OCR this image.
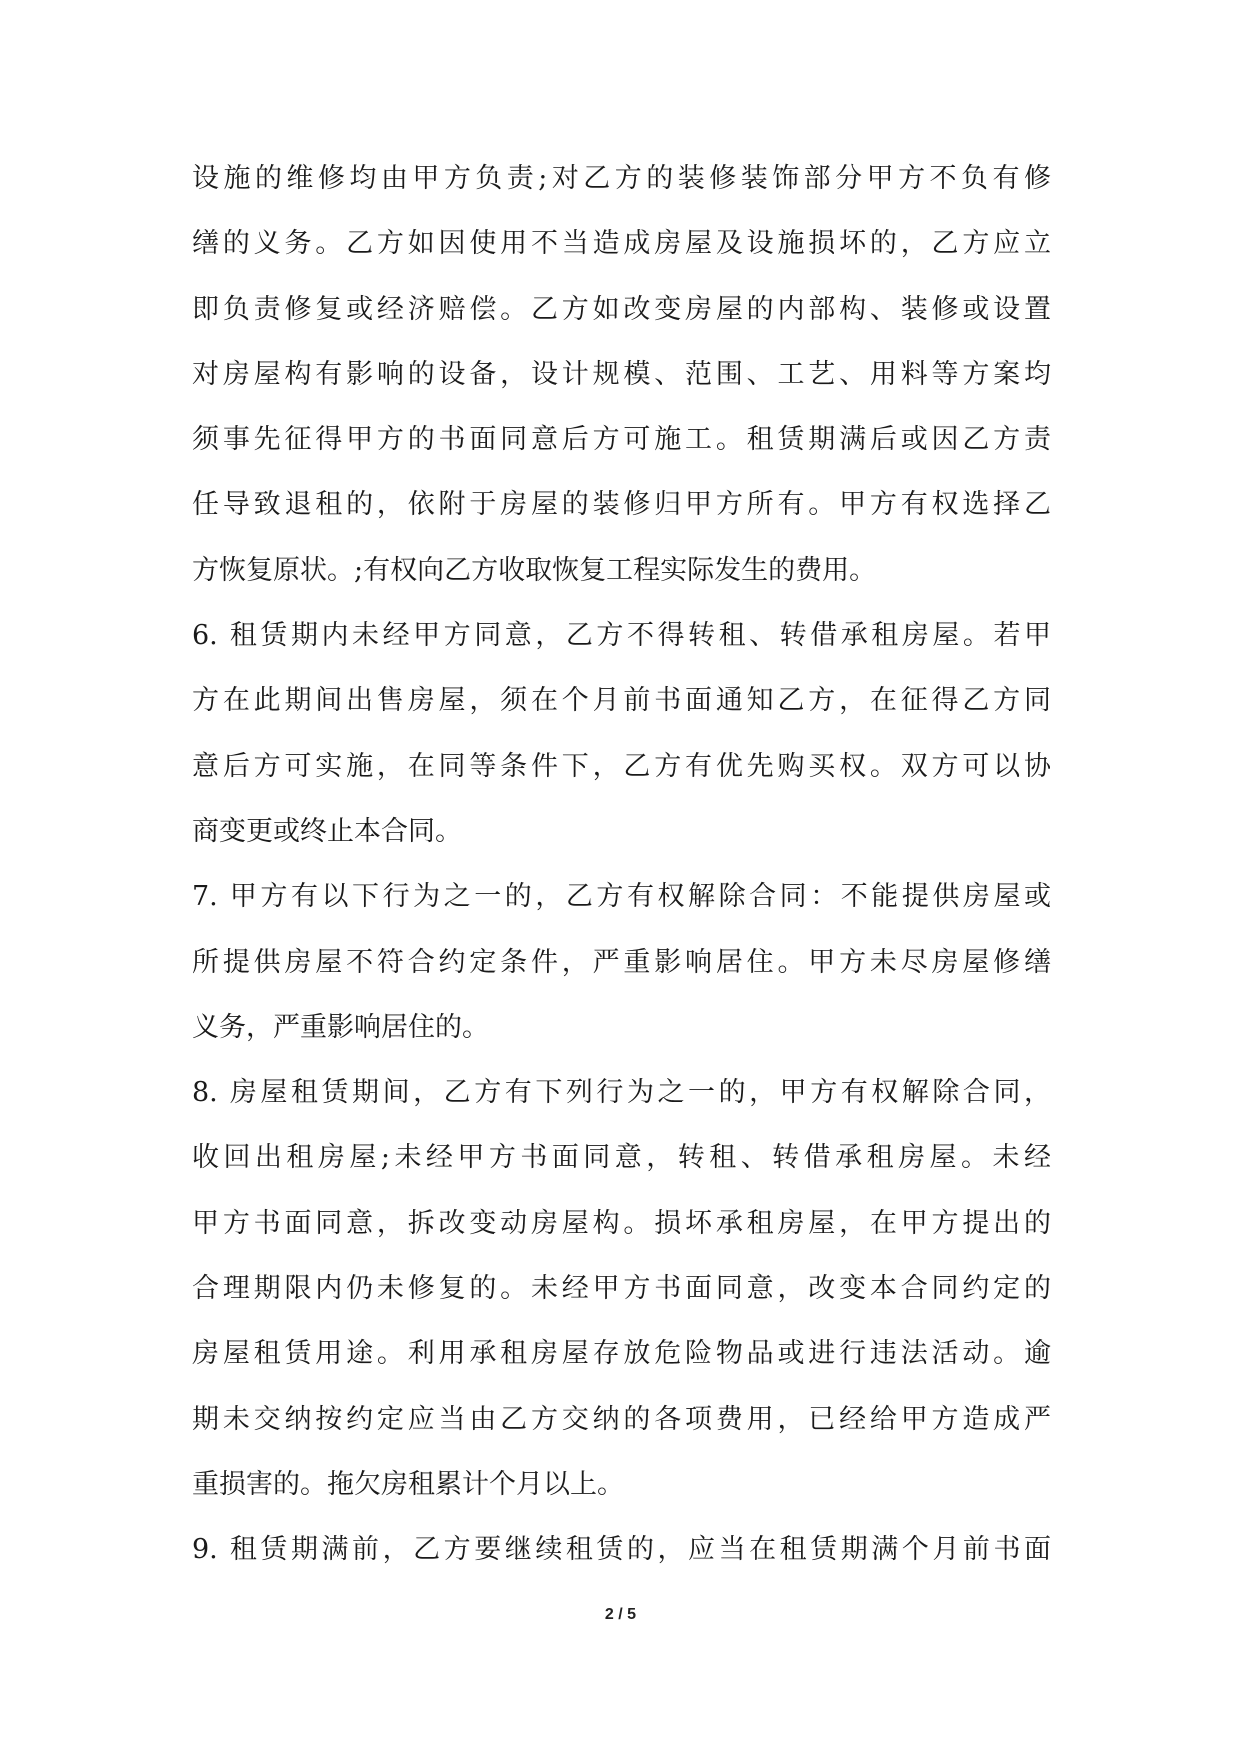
设施的维修均由甲方负责;对乙方的装修装饰部分甲方不负有修
缮的义务。乙方如因使用不当造成房屋及设施损坏的，乙方应立
即负责修复或经济赔偿。乙方如改变房屋的内部构、装修或设置
对房屋构有影响的设备，设计规模、范围、工艺、用料等方案均
须事先征得甲方的书面同意后方可施工。租赁期满后或因乙方责
任导致退租的，依附于房屋的装修归甲方所有。甲方有权选择乙
方恢复原状。;有权向乙方收取恢复工程实际发生的费用。
6. 租赁期内未经甲方同意，乙方不得转租、转借承租房屋。若甲
方在此期间出售房屋，须在个月前书面通知乙方，在征得乙方同
意后方可实施，在同等条件下，乙方有优先购买权。双方可以协
商变更或终止本合同。
7. 甲方有以下行为之一的，乙方有权解除合同：不能提供房屋或
所提供房屋不符合约定条件，严重影响居住。甲方未尽房屋修缮
义务，严重影响居住的。
8. 房屋租赁期间，乙方有下列行为之一的，甲方有权解除合同，
收回出租房屋;未经甲方书面同意，转租、转借承租房屋。未经
甲方书面同意，拆改变动房屋构。损坏承租房屋，在甲方提出的
合理期限内仍未修复的。未经甲方书面同意，改变本合同约定的
房屋租赁用途。利用承租房屋存放危险物品或进行违法活动。逾
期未交纳按约定应当由乙方交纳的各项费用，已经给甲方造成严
重损害的。拖欠房租累计个月以上。
9. 租赁期满前，乙方要继续租赁的，应当在租赁期满个月前书面
2 / 5
